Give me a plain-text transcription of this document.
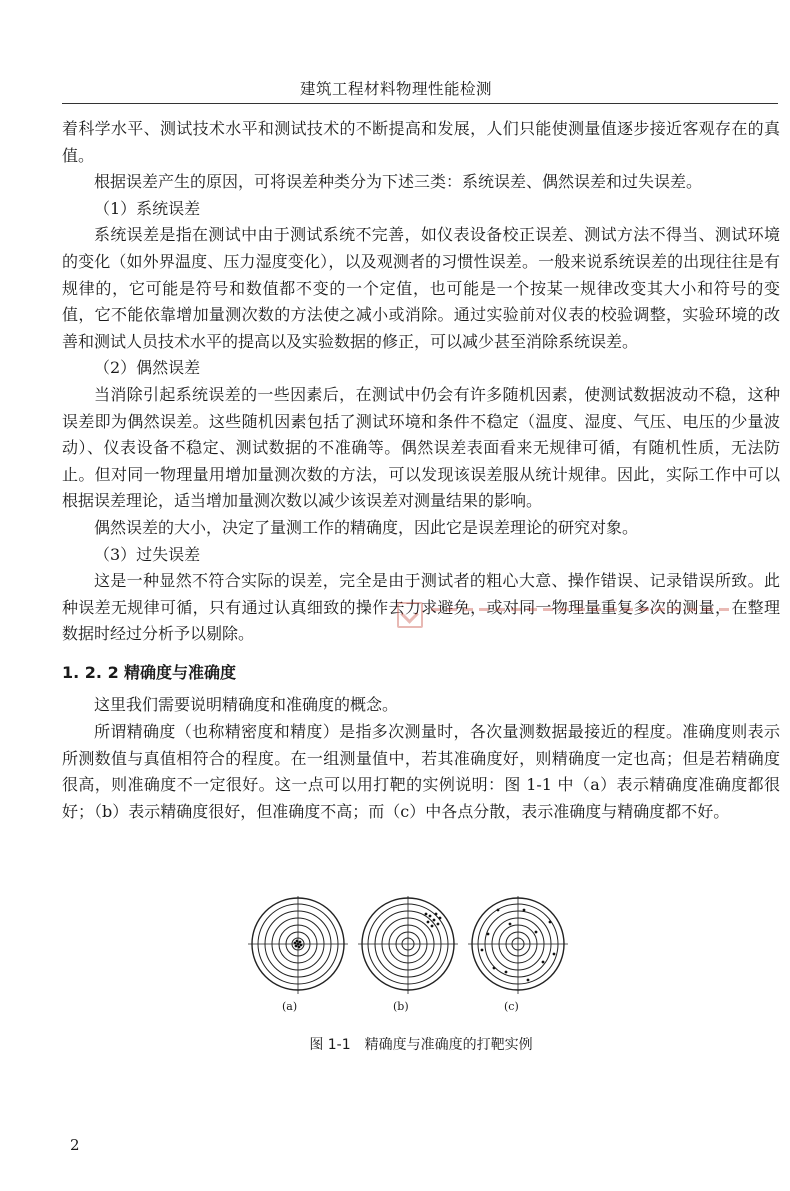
建筑工程材料物理性能检测

着科学水平、测试技术水平和测试技术的不断提高和发展，人们只能使测量值逐步接近客观存在的真值。

根据误差产生的原因，可将误差种类分为下述三类：系统误差、偶然误差和过失误差。

（1）系统误差

系统误差是指在测试中由于测试系统不完善，如仪表设备校正误差、测试方法不得当、测试环境的变化（如外界温度、压力湿度变化），以及观测者的习惯性误差。一般来说系统误差的出现往往是有规律的，它可能是符号和数值都不变的一个定值，也可能是一个按某一规律改变其大小和符号的变值，它不能依靠增加量测次数的方法使之减小或消除。通过实验前对仪表的校验调整，实验环境的改善和测试人员技术水平的提高以及实验数据的修正，可以减少甚至消除系统误差。

（2）偶然误差

当消除引起系统误差的一些因素后，在测试中仍会有许多随机因素，使测试数据波动不稳，这种误差即为偶然误差。这些随机因素包括了测试环境和条件不稳定（温度、湿度、气压、电压的少量波动）、仪表设备不稳定、测试数据的不准确等。偶然误差表面看来无规律可循，有随机性质，无法防止。但对同一物理量用增加量测次数的方法，可以发现该误差服从统计规律。因此，实际工作中可以根据误差理论，适当增加量测次数以减少该误差对测量结果的影响。

偶然误差的大小，决定了量测工作的精确度，因此它是误差理论的研究对象。

（3）过失误差

这是一种显然不符合实际的误差，完全是由于测试者的粗心大意、操作错误、记录错误所致。此种误差无规律可循，只有通过认真细致的操作去力求避免，或对同一物理量重复多次的测量，在整理数据时经过分析予以剔除。

1. 2. 2 精确度与准确度

这里我们需要说明精确度和准确度的概念。

所谓精确度（也称精密度和精度）是指多次测量时，各次量测数据最接近的程度。准确度则表示所测数值与真值相符合的程度。在一组测量值中，若其准确度好，则精确度一定也高；但是若精确度很高，则准确度不一定很好。这一点可以用打靶的实例说明：图 1-1 中（a）表示精确度准确度都很好；（b）表示精确度很好，但准确度不高；而（c）中各点分散，表示准确度与精确度都不好。

(a)	(b)	(c)
图 1-1　精确度与准确度的打靶实例
2
